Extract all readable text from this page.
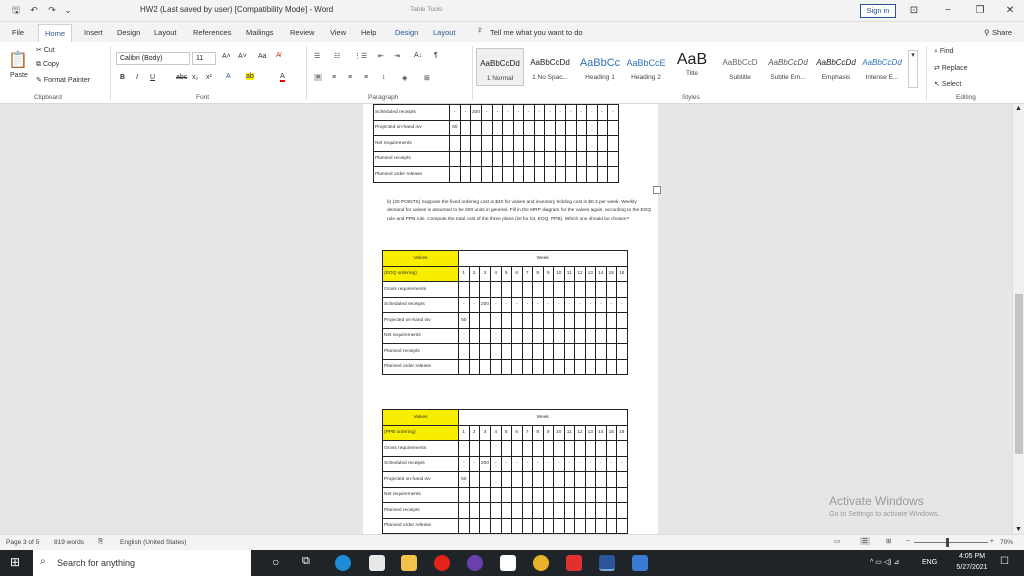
🖫 ↶ ↷ ⌄	HW2 (Last saved by user) [Compatibility Mode] - Word	Table Tools	Sign in	⊡	−	❐	✕
File	Home	Insert Design Layout References Mailings Review View Help Design Layout ♀ Tell me what you want to do	⚲ Share
📋
Paste
✂ Cut
⧉ Copy
✎ Format Painter
Clipboard
Calibri (Body)	11	A˄ A˅ Aa A̸
B I U	abc x₂ x² A ab	A
Font
☰ ☷ ⋮☰ ⇤ ⇥ A↓ ¶
≡ ≡ ≡ ≡ ↕ ◈ ⊞
Paragraph
AaBbCcDd
1 Normal
AaBbCcDd
1 No Spac...
AaBbCc
Heading 1
AaBbCcE
Heading 2
AaB
Title
AaBbCcD
Subtitle
AaBbCcDd
Subtle Em...
AaBbCcDd
Emphasis
AaBbCcDd
Intense E...
▾
Styles
⌕ Find
⇄ Replace
↖ Select
Editing
Scheduled receipts	-	-	200	-	-	-	-	-	-	-	-	-	-	-	-	-
Projected on-hand inv	50															
Net requirements																
Planned receipts																
Planned order release																
b) (20 POINTS) Suppose the fixed ordering cost is $40 for valves and inventory holding cost is $0.3 per week. Weekly demand for valves is assumed to be 600 units in general. Fill in the MRP diagram for the valves again, according to the EOQ rule and PPB rule. Compute the total cost of the three plans (lot for lot, EOQ, PPB). Which one should be chosen?
Valves	Week															
(EOQ ordering)	1	2	3	4	5	6	7	8	9	10	11	12	13	14	15	16
Gross requirements																
Scheduled receipts	-	-	200	-	-	-	-	-	-	-	-	-	-	-	-	-
Projected on-hand inv	50															
Net requirements																
Planned receipts																
Planned order release																
Valves	Week															
(PPB ordering)	1	2	3	4	5	6	7	8	9	10	11	12	13	14	15	16
Gross requirements																
Scheduled receipts	-	-	200	-	-	-	-	-	-	-	-	-	-	-	-	-
Projected on-hand inv	50															
Net requirements																
Planned receipts																
Planned order release																
Activate Windows
Go to Settings to activate Windows.
▲
▼
Page 3 of 5 819 words ⎘	English (United States)	▭	☰	⊞ −	+ 70%
⊞	Search for anything
⌕	○ ⧉	^ ▭ ◁) ⊿	ENG
4:05 PM
5/27/2021
☐
